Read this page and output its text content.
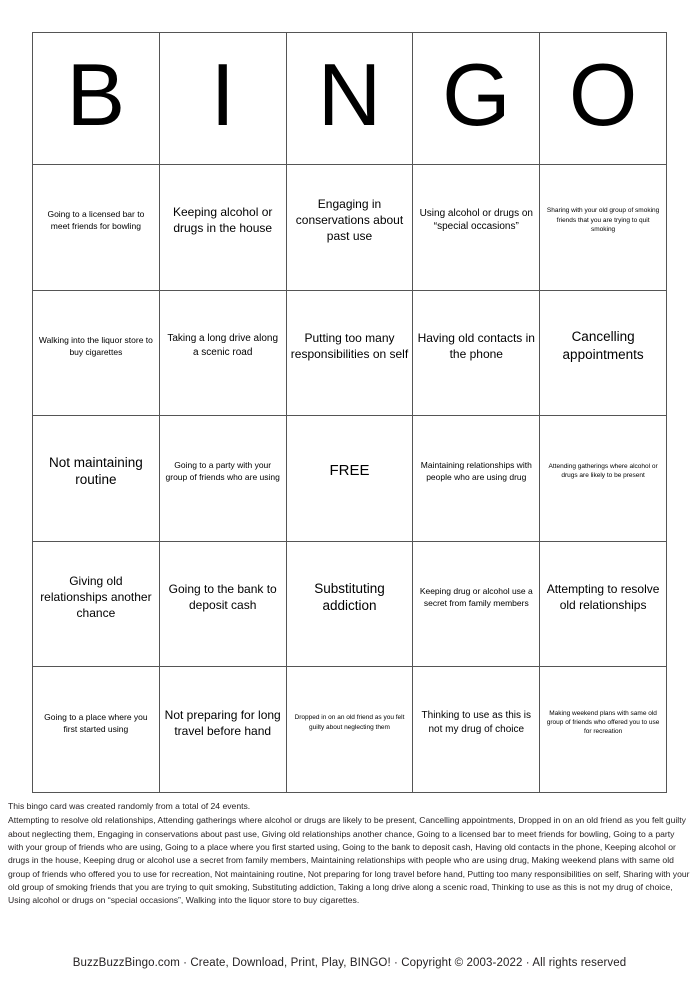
B I N G O
Going to a licensed bar to meet friends for bowling
Keeping alcohol or drugs in the house
Engaging in conservations about past use
Using alcohol or drugs on “special occasions”
Sharing with your old group of smoking friends that you are trying to quit smoking
Walking into the liquor store to buy cigarettes
Taking a long drive along a scenic road
Putting too many responsibilities on self
Having old contacts in the phone
Cancelling appointments
Not maintaining routine
Going to a party with your group of friends who are using	FREE	Maintaining relationships with people who are using drug
Attending gatherings where alcohol or drugs are likely to be present
Giving old relationships another chance
Going to the bank to deposit cash
Substituting addiction
Keeping drug or alcohol use a secret from family members
Attempting to resolve old relationships
Going to a place where you first started using
Not preparing for long travel before hand
Dropped in on an old friend as you felt guilty about neglecting them
Thinking to use as this is not my drug of choice
Making weekend plans with same old group of friends who offered you to use for recreation
This bingo card was created randomly from a total of 24 events.
Attempting to resolve old relationships, Attending gatherings where alcohol or drugs are likely to be present, Cancelling appointments, Dropped in on an old friend as you felt guilty about neglecting them, Engaging in conservations about past use, Giving old relationships another chance, Going to a licensed bar to meet friends for bowling, Going to a party with your group of friends who are using, Going to a place where you first started using, Going to the bank to deposit cash, Having old contacts in the phone, Keeping alcohol or drugs in the house, Keeping drug or alcohol use a secret from family members, Maintaining relationships with people who are using drug, Making weekend plans with same old group of friends who offered you to use for recreation, Not maintaining routine, Not preparing for long travel before hand, Putting too many responsibilities on self, Sharing with your old group of smoking friends that you are trying to quit smoking, Substituting addiction, Taking a long drive along a scenic road, Thinking to use as this is not my drug of choice, Using alcohol or drugs on “special occasions”, Walking into the liquor store to buy cigarettes.
BuzzBuzzBingo.com · Create, Download, Print, Play, BINGO! · Copyright © 2003-2022 · All rights reserved
